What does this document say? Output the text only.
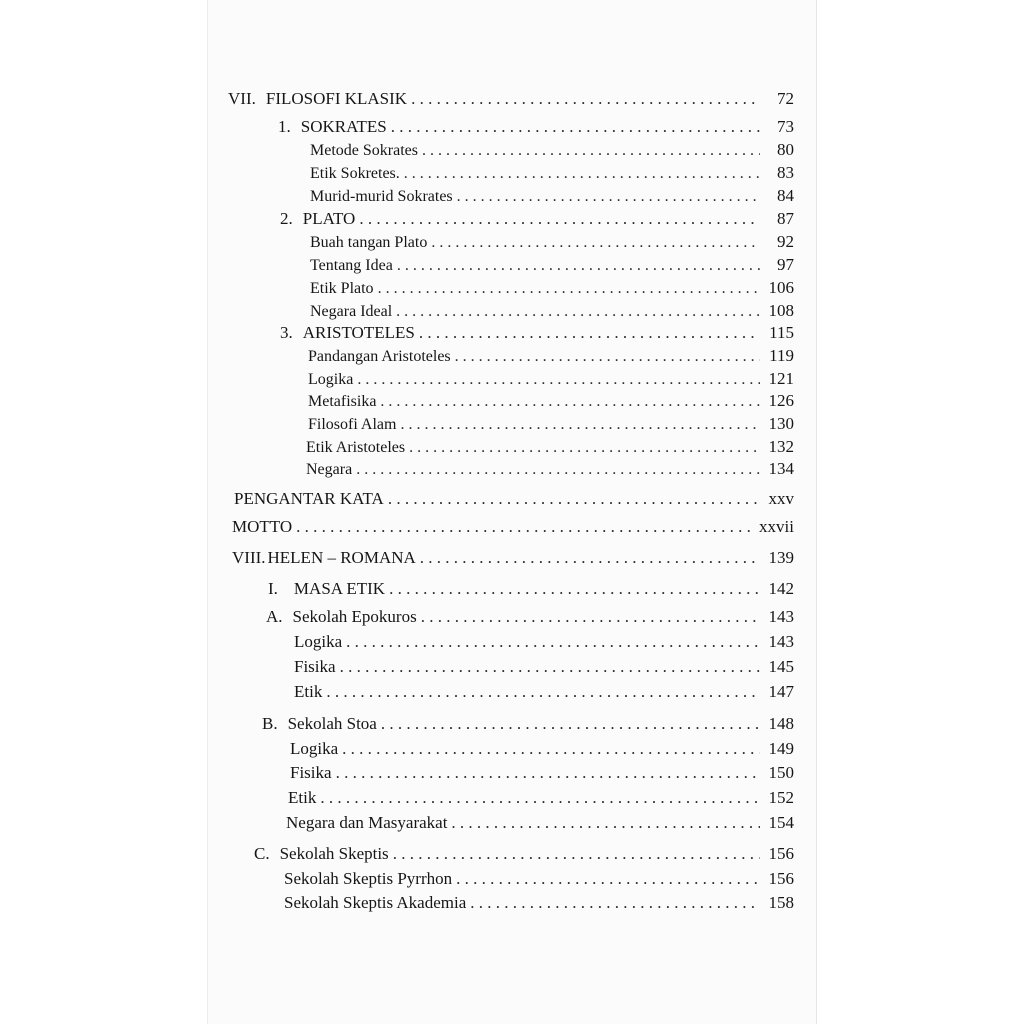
VII. FILOSOFI KLASIK . . .	72
1. SOKRATES . . .	73
Metode Sokrates . . .	80
Etik Sokretes. . . .	83
Murid-murid Sokrates . . .	84
2. PLATO . . .	87
Buah tangan Plato . . .	92
Tentang Idea . . .	97
Etik Plato . . .	106
Negara Ideal . . .	108
3. ARISTOTELES . . .	115
Pandangan Aristoteles . . .	119
Logika . . .	121
Metafisika . . .	126
Filosofi Alam . . .	130
Etik Aristoteles . . .	132
Negara . . .	134
PENGANTAR KATA . . .	xxv
MOTTO . . .	xxvii
VIII. HELEN – ROMANA . . .	139
I. MASA ETIK . . .	142
A. Sekolah Epokuros . . .	143
Logika . . .	143
Fisika . . .	145
Etik . . .	147
B. Sekolah Stoa . . .	148
Logika . . .	149
Fisika . . .	150
Etik . . .	152
Negara dan Masyarakat . . .	154
C. Sekolah Skeptis . . .	156
Sekolah Skeptis Pyrrhon . . .	156
Sekolah Skeptis Akademia . . .	158
